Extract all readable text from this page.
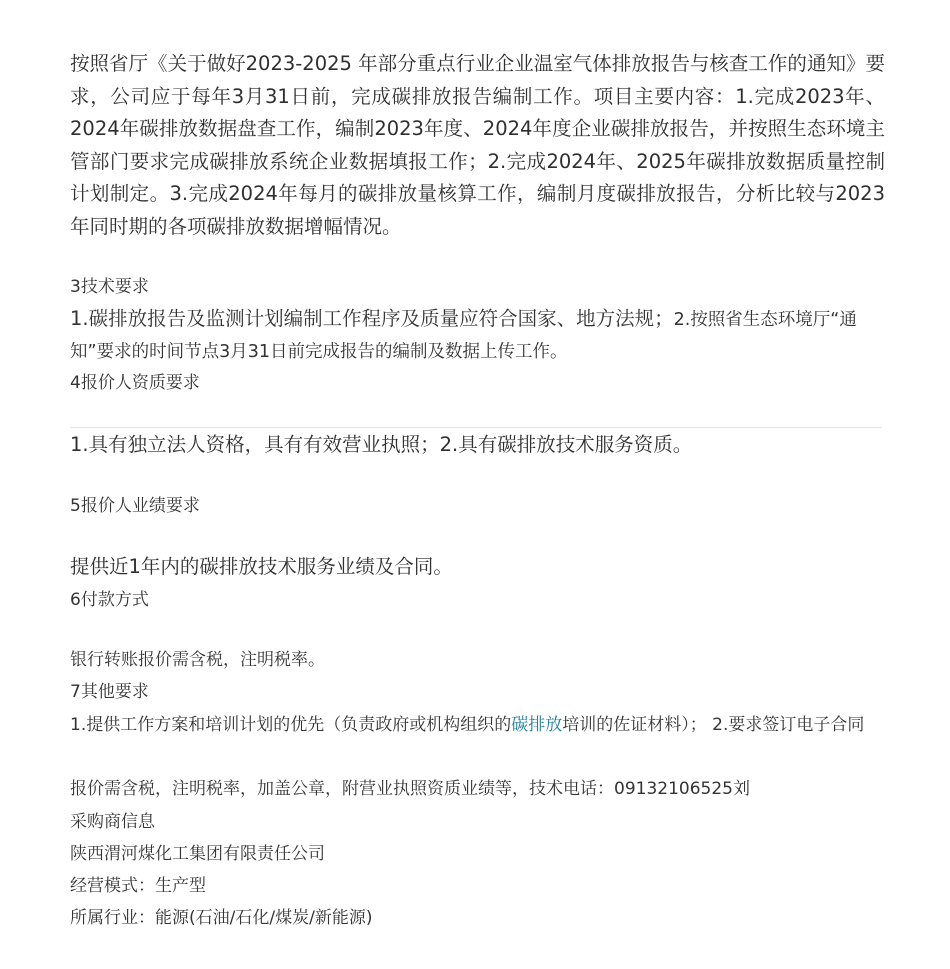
按照省厅《关于做好2023-2025 年部分重点行业企业温室气体排放报告与核查工作的通知》要求，公司应于每年3月31日前，完成碳排放报告编制工作。项目主要内容：1.完成2023年、2024年碳排放数据盘查工作，编制2023年度、2024年度企业碳排放报告，并按照生态环境主管部门要求完成碳排放系统企业数据填报工作；2.完成2024年、2025年碳排放数据质量控制计划制定。3.完成2024年每月的碳排放量核算工作，编制月度碳排放报告，分析比较与2023年同时期的各项碳排放数据增幅情况。

3技术要求

1.碳排放报告及监测计划编制工作程序及质量应符合国家、地方法规；2.按照省生态环境厅“通知”要求的时间节点3月31日前完成报告的编制及数据上传工作。

4报价人资质要求

1.具有独立法人资格，具有有效营业执照；2.具有碳排放技术服务资质。

5报价人业绩要求

提供近1年内的碳排放技术服务业绩及合同。

6付款方式

银行转账报价需含税，注明税率。

7其他要求

1.提供工作方案和培训计划的优先（负责政府或机构组织的碳排放培训的佐证材料）； 2.要求签订电子合同

报价需含税，注明税率，加盖公章，附营业执照资质业绩等，技术电话：09132106525刘

采购商信息

陕西渭河煤化工集团有限责任公司

经营模式：生产型

所属行业：能源(石油/石化/煤炭/新能源)
